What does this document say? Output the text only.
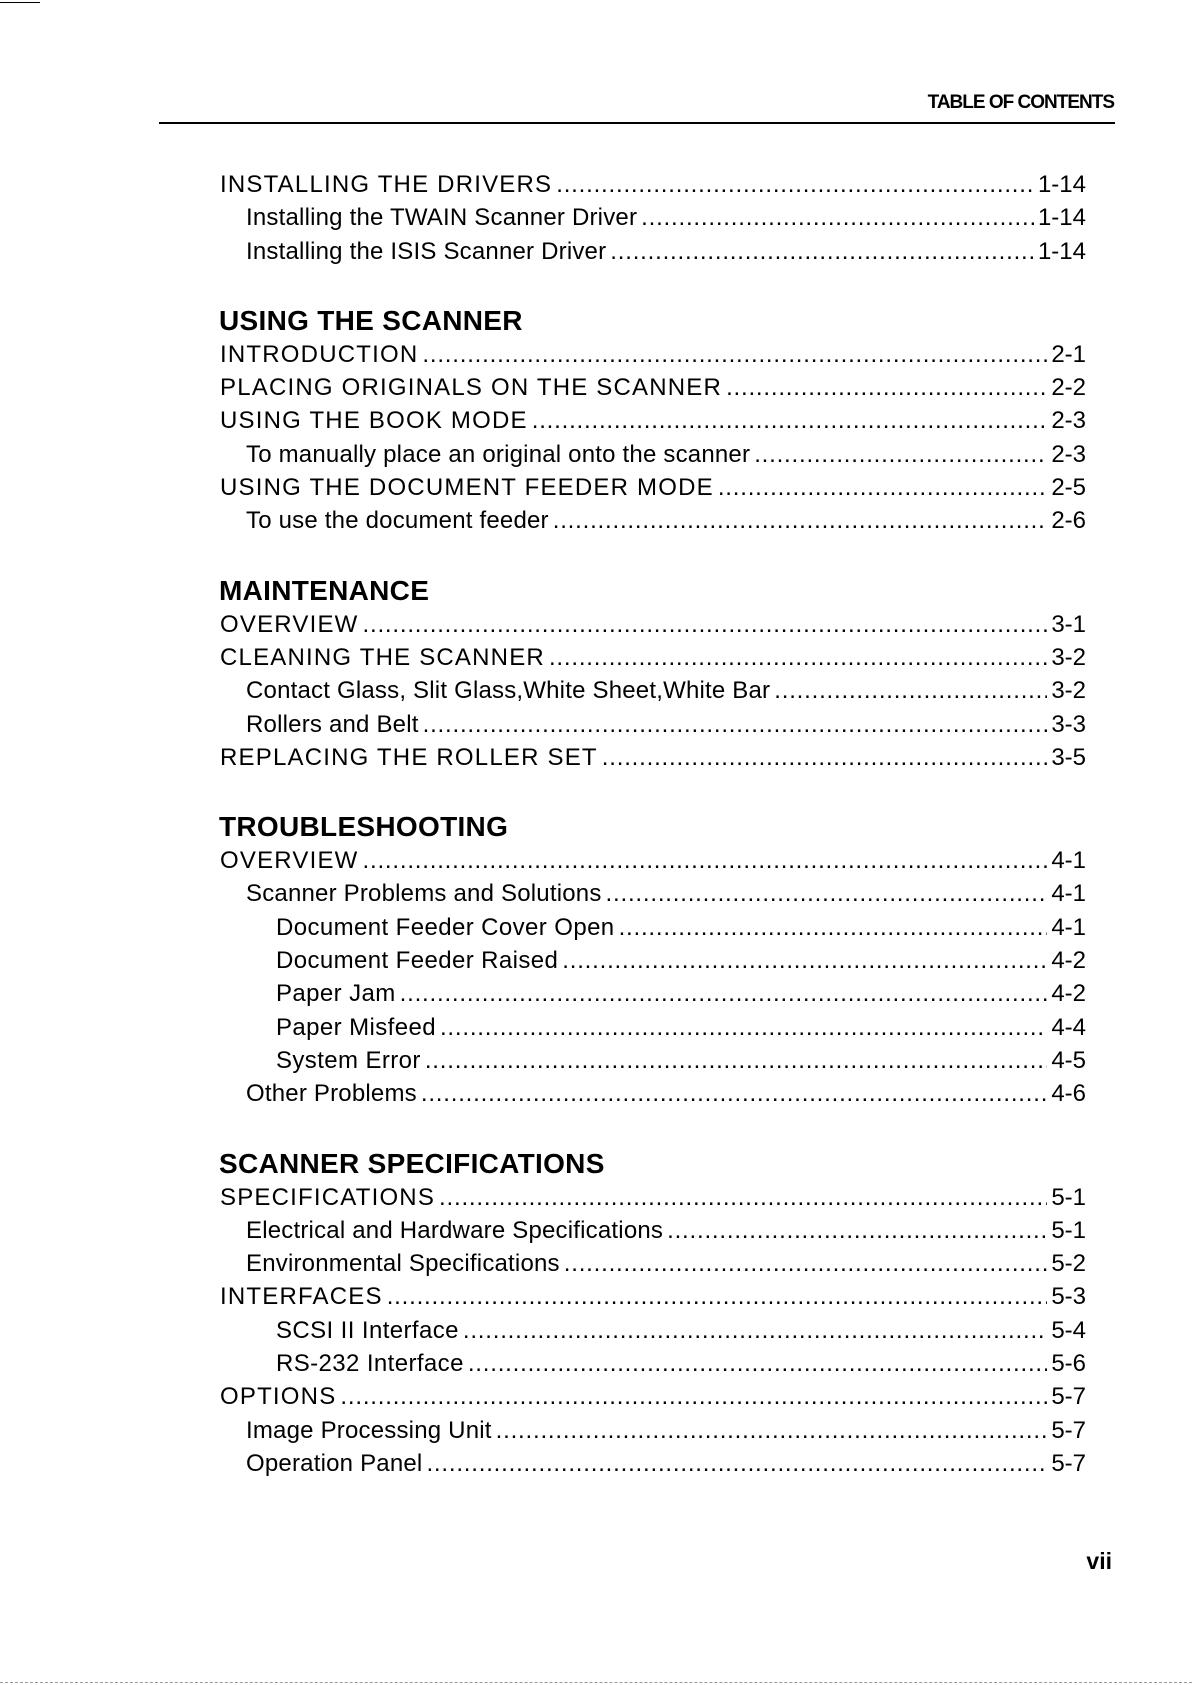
TABLE OF CONTENTS
INSTALLING THE DRIVERS .....	1-14
Installing the TWAIN Scanner Driver .....	1-14
Installing the ISIS Scanner Driver .....	1-14
USING THE SCANNER
INTRODUCTION .....	2-1
PLACING ORIGINALS ON THE SCANNER .....	2-2
USING THE BOOK MODE .....	2-3
To manually place an original onto the scanner .....	2-3
USING THE DOCUMENT FEEDER MODE .....	2-5
To use the document feeder .....	2-6
MAINTENANCE
OVERVIEW .....	3-1
CLEANING THE SCANNER .....	3-2
Contact Glass, Slit Glass,White Sheet,White Bar .....	3-2
Rollers and Belt .....	3-3
REPLACING THE ROLLER SET .....	3-5
TROUBLESHOOTING
OVERVIEW .....	4-1
Scanner Problems and Solutions .....	4-1
Document Feeder Cover Open .....	4-1
Document Feeder Raised .....	4-2
Paper Jam .....	4-2
Paper Misfeed .....	4-4
System Error .....	4-5
Other Problems .....	4-6
SCANNER SPECIFICATIONS
SPECIFICATIONS .....	5-1
Electrical and Hardware Specifications .....	5-1
Environmental Specifications .....	5-2
INTERFACES .....	5-3
SCSI II Interface .....	5-4
RS-232 Interface .....	5-6
OPTIONS .....	5-7
Image Processing Unit .....	5-7
Operation Panel .....	5-7
vii
